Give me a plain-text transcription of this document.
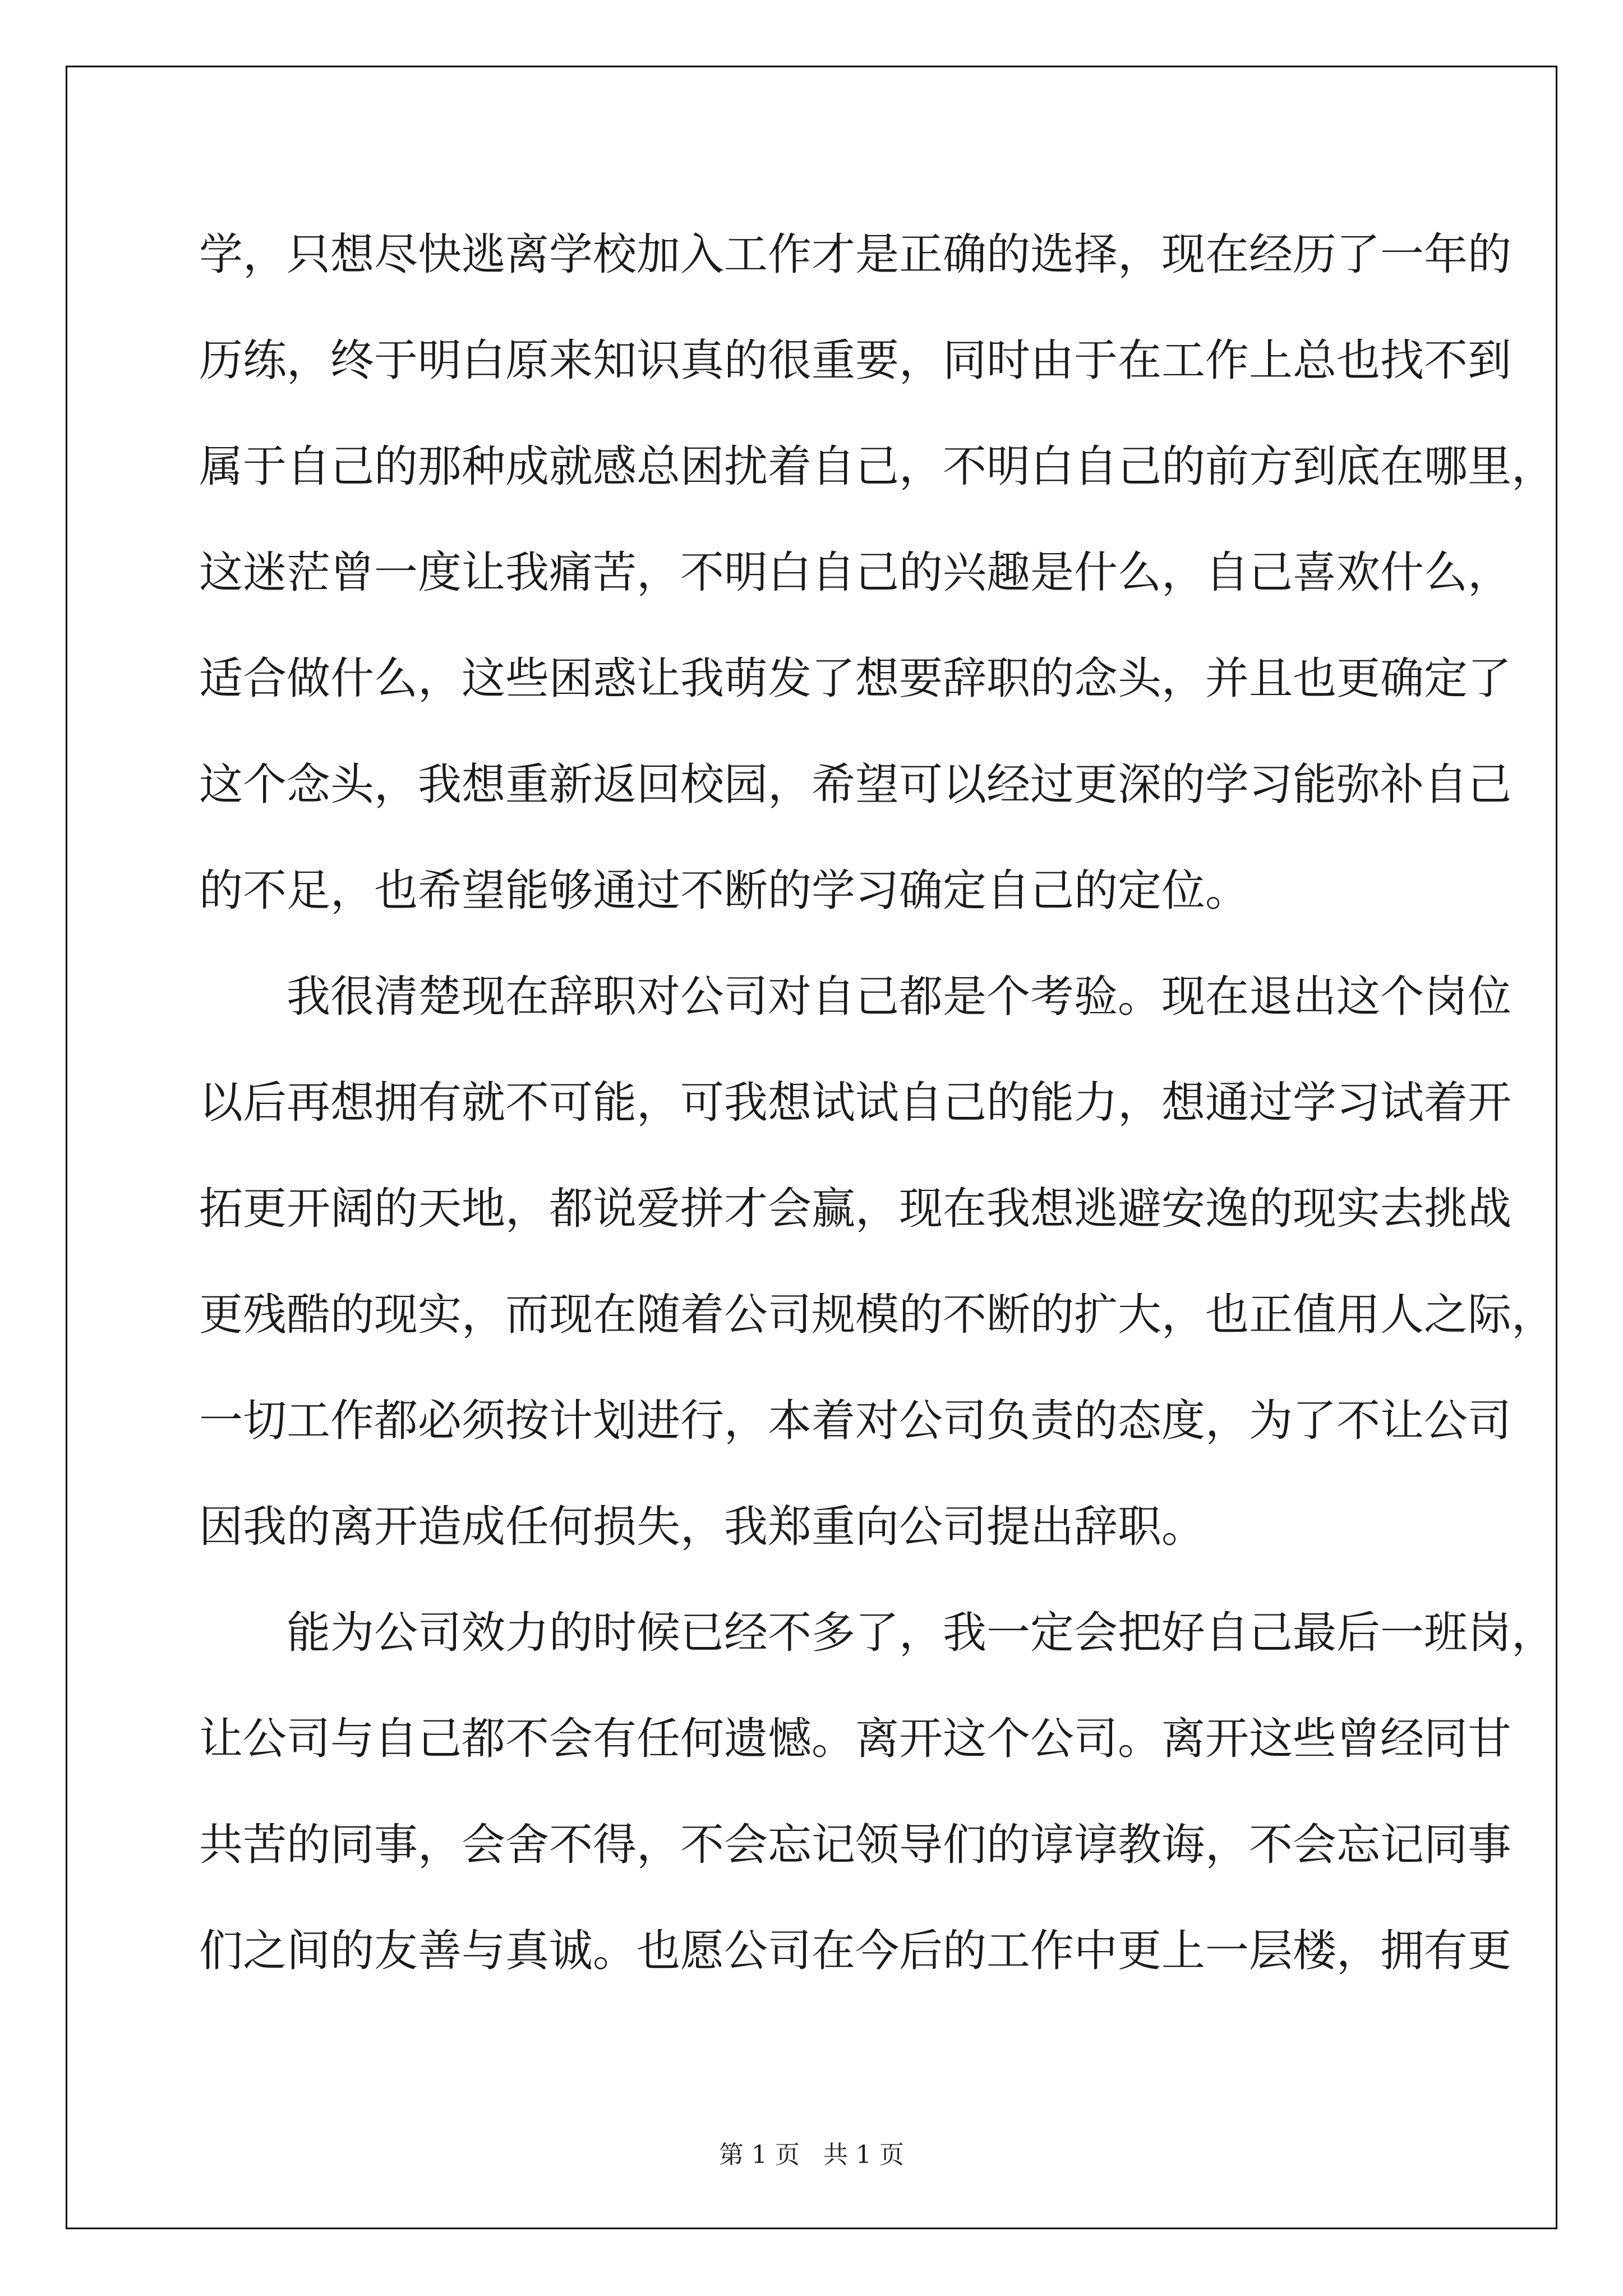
学，只想尽快逃离学校加入工作才是正确的选择，现在经历了一年的
历练，终于明白原来知识真的很重要，同时由于在工作上总也找不到
属于自己的那种成就感总困扰着自己，不明白自己的前方到底在哪里，
这迷茫曾一度让我痛苦，不明白自己的兴趣是什么，自己喜欢什么，
适合做什么，这些困惑让我萌发了想要辞职的念头，并且也更确定了
这个念头，我想重新返回校园，希望可以经过更深的学习能弥补自己
的不足，也希望能够通过不断的学习确定自己的定位。
我很清楚现在辞职对公司对自己都是个考验。现在退出这个岗位
以后再想拥有就不可能，可我想试试自己的能力，想通过学习试着开
拓更开阔的天地，都说爱拼才会赢，现在我想逃避安逸的现实去挑战
更残酷的现实，而现在随着公司规模的不断的扩大，也正值用人之际，
一切工作都必须按计划进行，本着对公司负责的态度，为了不让公司
因我的离开造成任何损失，我郑重向公司提出辞职。
能为公司效力的时候已经不多了，我一定会把好自己最后一班岗，
让公司与自己都不会有任何遗憾。离开这个公司。离开这些曾经同甘
共苦的同事，会舍不得，不会忘记领导们的谆谆教诲，不会忘记同事
们之间的友善与真诚。也愿公司在今后的工作中更上一层楼，拥有更
第 1 页 共 1 页
